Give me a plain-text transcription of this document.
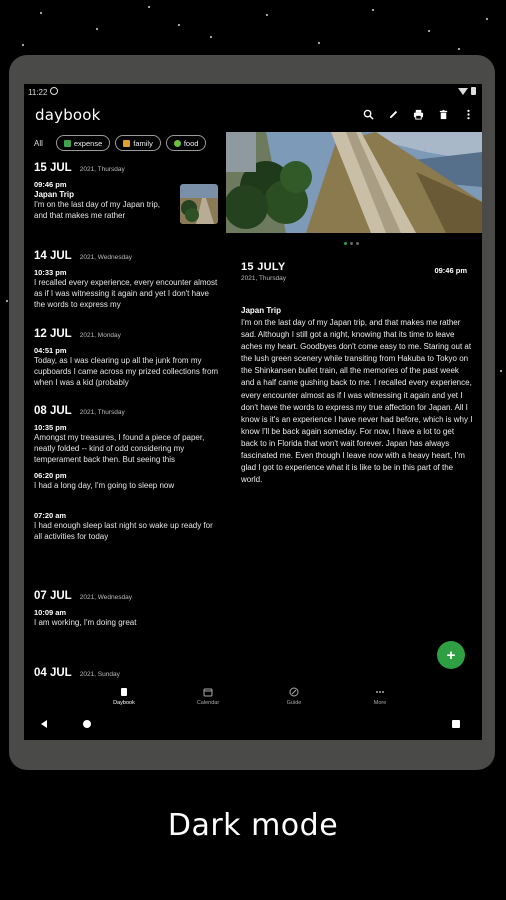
11:22
daybook
All	expense	family	food
15 JUL 2021, Thursday
09:46 pm
Japan Trip
I'm on the last day of my Japan trip, and that makes me rather
14 JUL 2021, Wednesday
10:33 pm
I recalled every experience, every encounter almost as if I was witnessing it again and yet I don't have the words to express my
12 JUL 2021, Monday
04:51 pm
Today, as I was clearing up all the junk from my cupboards I came across my prized collections from when I was a kid (probably
08 JUL 2021, Thursday
10:35 pm
Amongst my treasures, I found a piece of paper, neatly folded -- kind of odd considering my temperament back then. But seeing this
06:20 pm
I had a long day, I'm going to sleep now
07:20 am
I had enough sleep last night so wake up ready for all activities for today
07 JUL 2021, Wednesday
10:09 am
I am working, I'm doing great
04 JUL 2021, Sunday
15 JULY
2021, Thursday
09:46 pm
Japan Trip
I'm on the last day of my Japan trip, and that makes me rather sad. Although I still got a night, knowing that its time to leave aches my heart. Goodbyes don't come easy to me. Staring out at the lush green scenery while transiting from Hakuba to Tokyo on the Shinkansen bullet train, all the memories of the past week and a half came gushing back to me. I recalled every experience, every encounter almost as if I was witnessing it again and yet I don't have the words to express my true affection for Japan. All I know is it's an experience I have never had before, which is why I know I'll be back again someday. For now, I have a lot to get back to in Florida that won't wait forever. Japan has always fascinated me. Even though I leave now with a heavy heart, I'm glad I got to experience what it is like to be in this part of the world.
+
Daybook	Calendar	Guide	More
Dark mode
